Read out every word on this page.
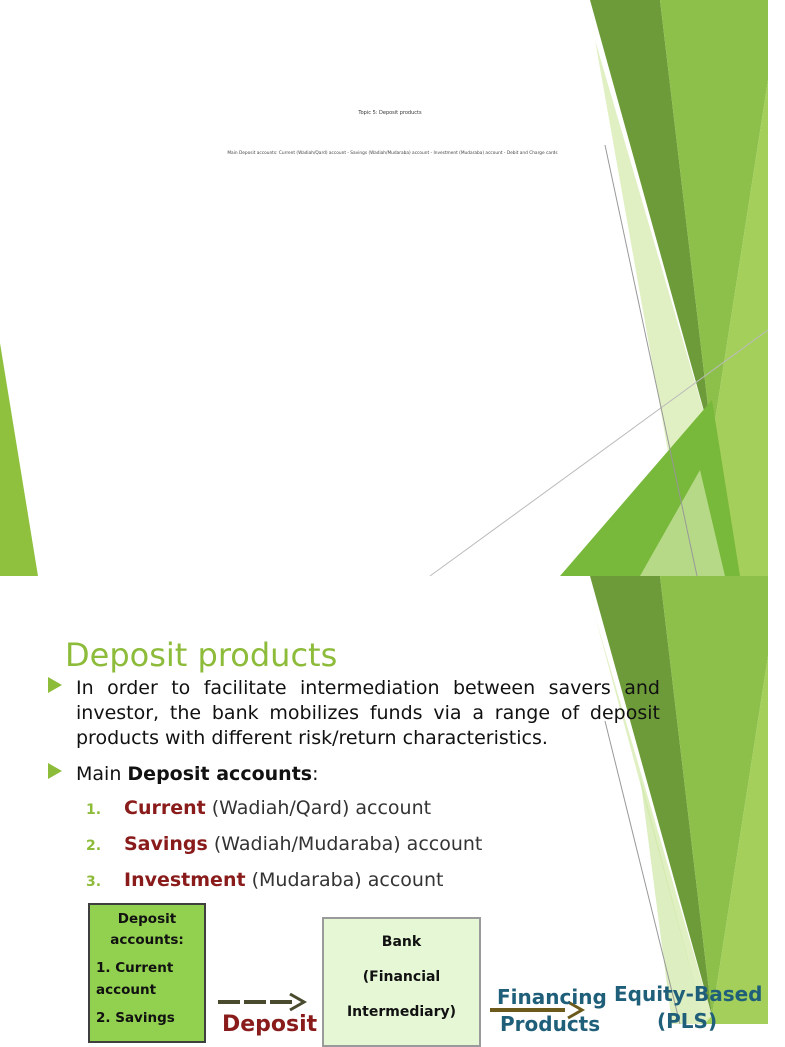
Topic 5: Deposit products
Main Deposit accounts: Current (Wadiah/Qard) account - Savings (Wadiah/Mudaraba) account - Investment (Mudaraba) account - Debit and Charge cards
Deposit products
In order to facilitate intermediation between savers and investor, the bank mobilizes funds via a range of deposit products with different risk/return characteristics.
Main Deposit accounts:
1. Current (Wadiah/Qard) account
2. Savings (Wadiah/Mudaraba) account
3. Investment (Mudaraba) account
Deposit
accounts:
1. Current
account
2. Savings
Bank
(Financial
Intermediary)
Deposit
Financing
Products
Equity-Based
(PLS)
